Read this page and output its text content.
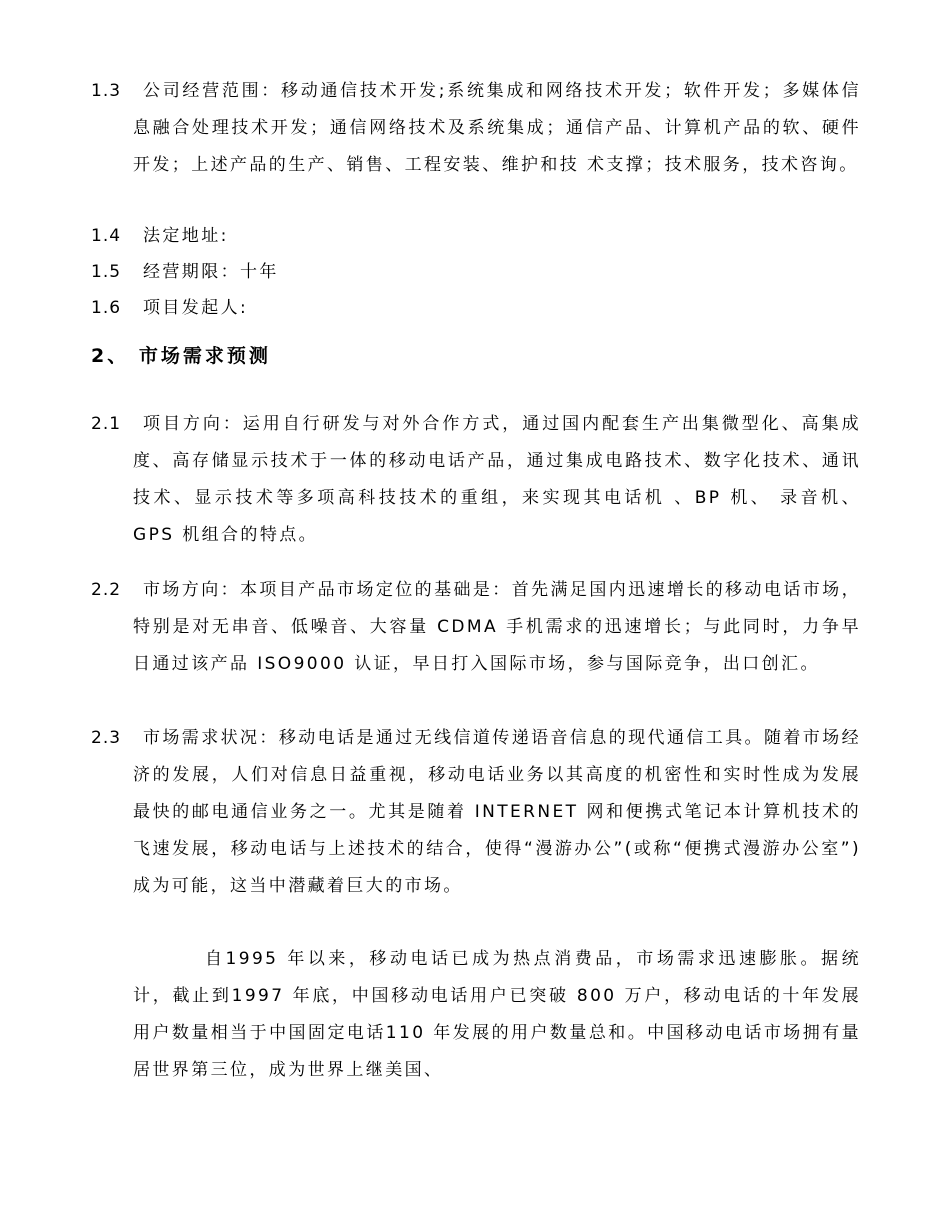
1.3	公司经营范围：移动通信技术开发;系统集成和网络技术开发；软件开发；多媒体信息融合处理技术开发；通信网络技术及系统集成；通信产品、计算机产品的软、硬件开发；上述产品的生产、销售、工程安装、维护和技 术支撑；技术服务，技术咨询。
1.4	法定地址:
1.5	经营期限：十年
1.6	项目发起人:
2、 市场需求预测
2.1	项目方向：运用自行研发与对外合作方式，通过国内配套生产出集微型化、高集成度、高存储显示技术于一体的移动电话产品，通过集成电路技术、数字化技术、通讯技术、显示技术等多项高科技技术的重组，来实现其电话机 、BP 机、 录音机、 GPS 机组合的特点。
2.2	市场方向：本项目产品市场定位的基础是：首先满足国内迅速增长的移动电话市场，特别是对无串音、低噪音、大容量 CDMA 手机需求的迅速增长；与此同时，力争早日通过该产品 ISO9000 认证，早日打入国际市场，参与国际竞争，出口创汇。
2.3	市场需求状况：移动电话是通过无线信道传递语音信息的现代通信工具。随着市场经济的发展，人们对信息日益重视，移动电话业务以其高度的机密性和实时性成为发展最快的邮电通信业务之一。尤其是随着 INTERNET 网和便携式笔记本计算机技术的飞速发展，移动电话与上述技术的结合，使得“漫游办公”(或称“便携式漫游办公室”)成为可能，这当中潜藏着巨大的市场。
自1995 年以来，移动电话已成为热点消费品，市场需求迅速膨胀。据统计，截止到1997 年底，中国移动电话用户已突破 800 万户，移动电话的十年发展用户数量相当于中国固定电话110 年发展的用户数量总和。中国移动电话市场拥有量居世界第三位，成为世界上继美国、
